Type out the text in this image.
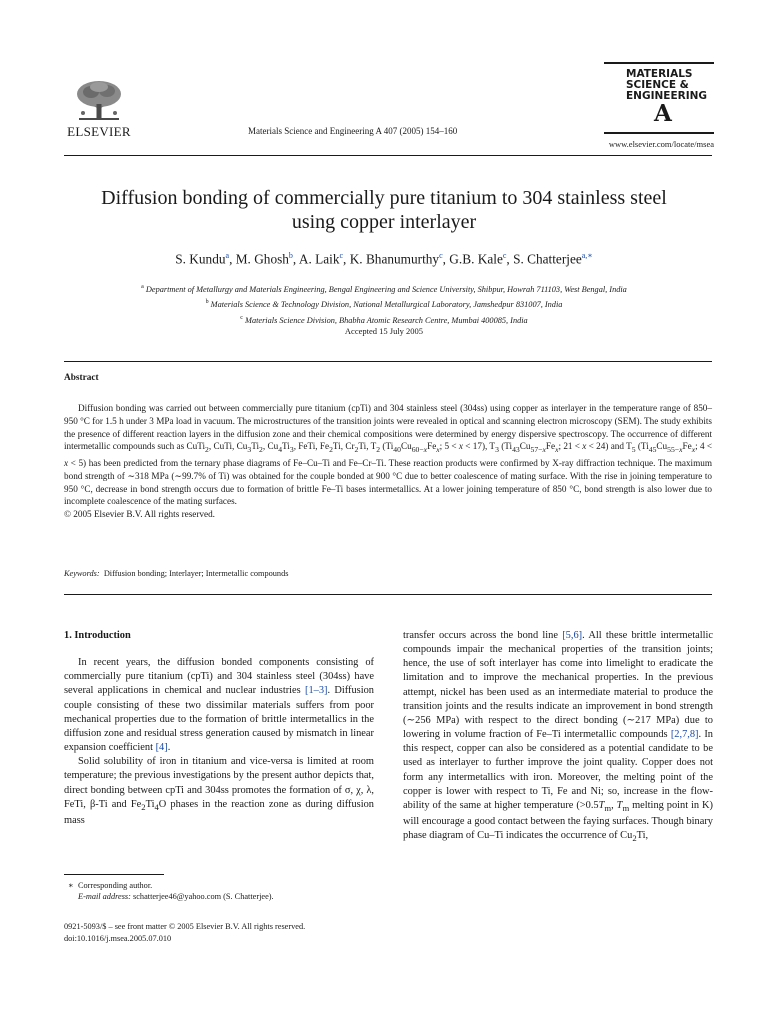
ELSEVIER	Materials Science and Engineering A 407 (2005) 154–160
MATERIALS
SCIENCE &
ENGINEERING
A
www.elsevier.com/locate/msea
Diffusion bonding of commercially pure titanium to 304 stainless steel using copper interlayer
S. Kundu$^a$, M. Ghosh$^b$, A. Laik$^c$, K. Bhanumurthy$^c$, G.B. Kale$^c$, S. Chatterjee$^{a,∗}$
$^a$ Department of Metallurgy and Materials Engineering, Bengal Engineering and Science University, Shibpur, Howrah 711103, West Bengal, India
$^b$ Materials Science & Technology Division, National Metallurgical Laboratory, Jamshedpur 831007, India
$^c$ Materials Science Division, Bhabha Atomic Research Centre, Mumbai 400085, India
Accepted 15 July 2005
Abstract

Diffusion bonding was carried out between commercially pure titanium (cpTi) and 304 stainless steel (304ss) using copper as interlayer in the temperature range of 850–950 °C for 1.5 h under 3 MPa load in vacuum. The microstructures of the transition joints were revealed in optical and scanning electron microscopy (SEM). The study exhibits the presence of different reaction layers in the diffusion zone and their chemical compositions were determined by energy dispersive spectroscopy. The occurrence of different intermetallic compounds such as CuTi$_2$, CuTi, $Cu_3Ti_2$, $Cu_4Ti_3$, FeTi, $Fe_2Ti$, $Cr_2Ti$, $T_2$ ($Ti_{40}Cu_{60-x}Fe_x$; 5 < x < 17), $T_3$ ($Ti_{43}Cu_{57-x}Fe_x$; 21 < x < 24) and $T_5$ ($Ti_{45}Cu_{55-x}Fe_x$; 4 < x < 5) has been predicted from the ternary phase diagrams of Fe–Cu–Ti and Fe–Cr–Ti. These reaction products were confirmed by X-ray diffraction technique. The maximum bond strength of ∼318 MPa (∼99.7% of Ti) was obtained for the couple bonded at 900 °C due to better coalescence of mating surface. With the rise in joining temperature to 950 °C, decrease in bond strength occurs due to formation of brittle Fe–Ti bases intermetallics. At a lower joining temperature of 850 °C, bond strength is also lower due to incomplete coalescence of the mating surfaces.

© 2005 Elsevier B.V. All rights reserved.

Keywords: Diffusion bonding; Interlayer; Intermetallic compounds
1. Introduction

In recent years, the diffusion bonded components consisting of commercially pure titanium (cpTi) and 304 stainless steel (304ss) have several applications in chemical and nuclear industries [1–3]. Diffusion couple consisting of these two dissimilar materials suffers from poor mechanical properties due to the formation of brittle intermetallics in the diffusion zone and residual stress generation caused by mismatch in linear expansion coefficient [4].

Solid solubility of iron in titanium and vice-versa is limited at room temperature; the previous investigations by the present author depicts that, direct bonding between cpTi and 304ss promotes the formation of σ, χ, λ, FeTi, β-Ti and $Fe_2Ti_4O$ phases in the reaction zone as during diffusion mass

transfer occurs across the bond line [5,6]. All these brittle intermetallic compounds impair the mechanical properties of the transition joints; hence, the use of soft interlayer has come into limelight to eradicate the limitation and to improve the mechanical properties. In the previous attempt, nickel has been used as an intermediate material to produce the transition joints and the results indicate an improvement in bond strength (∼256 MPa) with respect to the direct bonding (∼217 MPa) due to lowering in volume fraction of Fe–Ti intermetallic compounds [2,7,8]. In this respect, copper can also be considered as a potential candidate to be used as interlayer to further improve the joint quality. Copper does not form any intermetallics with iron. Moreover, the melting point of the copper is lower with respect to Ti, Fe and Ni; so, increase in the flow-ability of the same at higher temperature ($>0.5T_m$, $T_m$ melting point in K) will encourage a good contact between the faying surfaces. Though binary phase diagram of Cu–Ti indicates the occurrence of $Cu_2Ti$,

∗ Corresponding author.
E-mail address: schatterjee46@yahoo.com (S. Chatterjee).
0921-5093/$ – see front matter © 2005 Elsevier B.V. All rights reserved.
doi:10.1016/j.msea.2005.07.010
